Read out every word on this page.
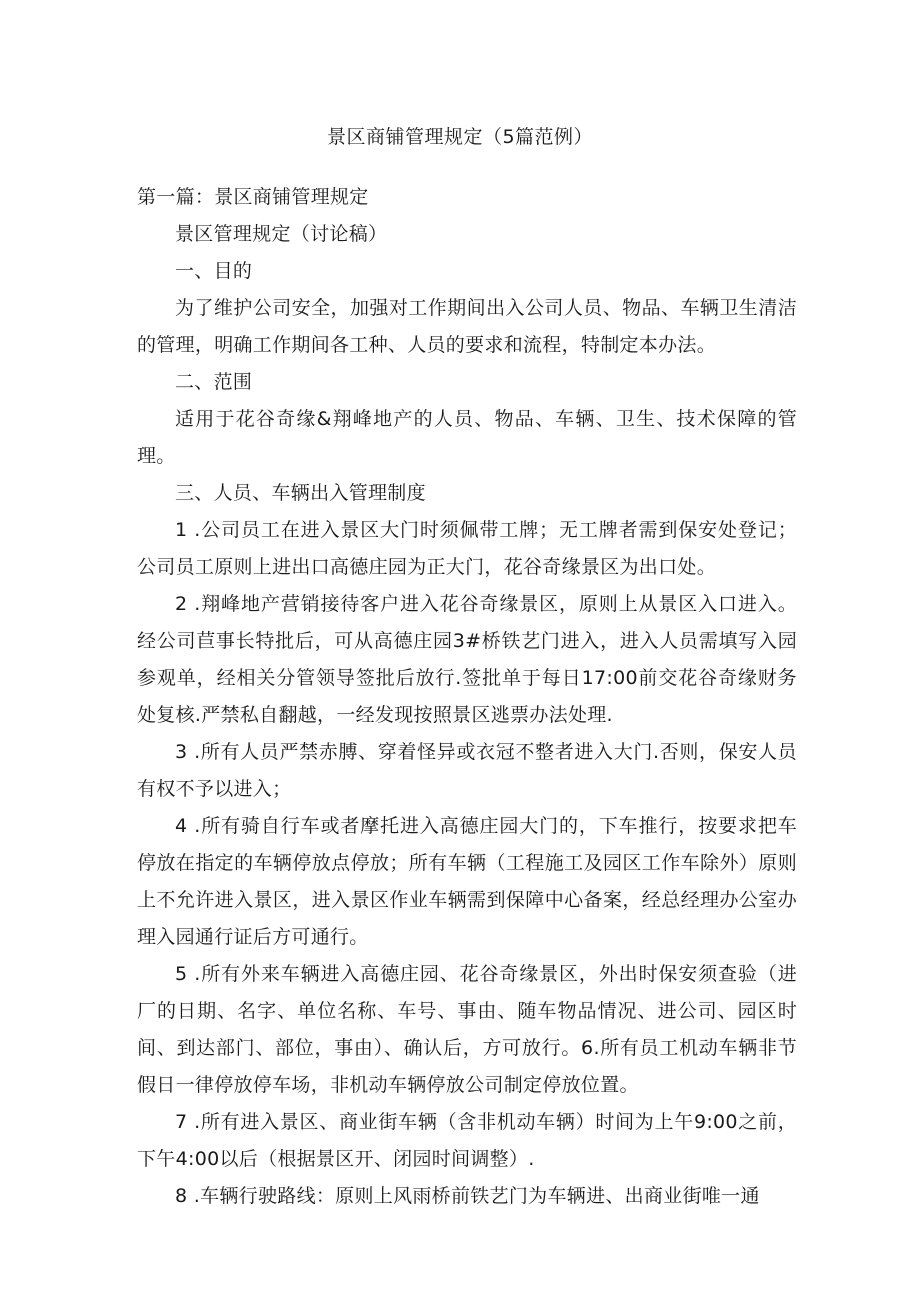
景区商铺管理规定（5篇范例）

第一篇：景区商铺管理规定

景区管理规定（讨论稿）

一、目的

为了维护公司安全，加强对工作期间出入公司人员、物品、车辆卫生清洁的管理，明确工作期间各工种、人员的要求和流程，特制定本办法。

二、范围

适用于花谷奇缘&翔峰地产的人员、物品、车辆、卫生、技术保障的管理。

三、人员、车辆出入管理制度

1 .公司员工在进入景区大门时须佩带工牌；无工牌者需到保安处登记；公司员工原则上进出口高德庄园为正大门，花谷奇缘景区为出口处。

2 .翔峰地产营销接待客户进入花谷奇缘景区，原则上从景区入口进入。经公司苣事长特批后，可从高德庄园3#桥铁艺门进入，进入人员需填写入园参观单，经相关分管领导签批后放行.签批单于每日17:00前交花谷奇缘财务处复核.严禁私自翻越，一经发现按照景区逃票办法处理.

3 .所有人员严禁赤膊、穿着怪异或衣冠不整者进入大门.否则，保安人员有权不予以进入；

4 .所有骑自行车或者摩托进入高德庄园大门的，下车推行，按要求把车停放在指定的车辆停放点停放；所有车辆（工程施工及园区工作车除外）原则上不允许进入景区，进入景区作业车辆需到保障中心备案，经总经理办公室办理入园通行证后方可通行。

5 .所有外来车辆进入高德庄园、花谷奇缘景区，外出时保安须查验（进厂的日期、名字、单位名称、车号、事由、随车物品情况、进公司、园区时间、到达部门、部位，事由）、确认后，方可放行。6.所有员工机动车辆非节假日一律停放停车场，非机动车辆停放公司制定停放位置。

7 .所有进入景区、商业街车辆（含非机动车辆）时间为上午9:00之前，下午4:00以后（根据景区开、闭园时间调整）.

8 .车辆行驶路线：原则上风雨桥前铁艺门为车辆进、出商业街唯一通
